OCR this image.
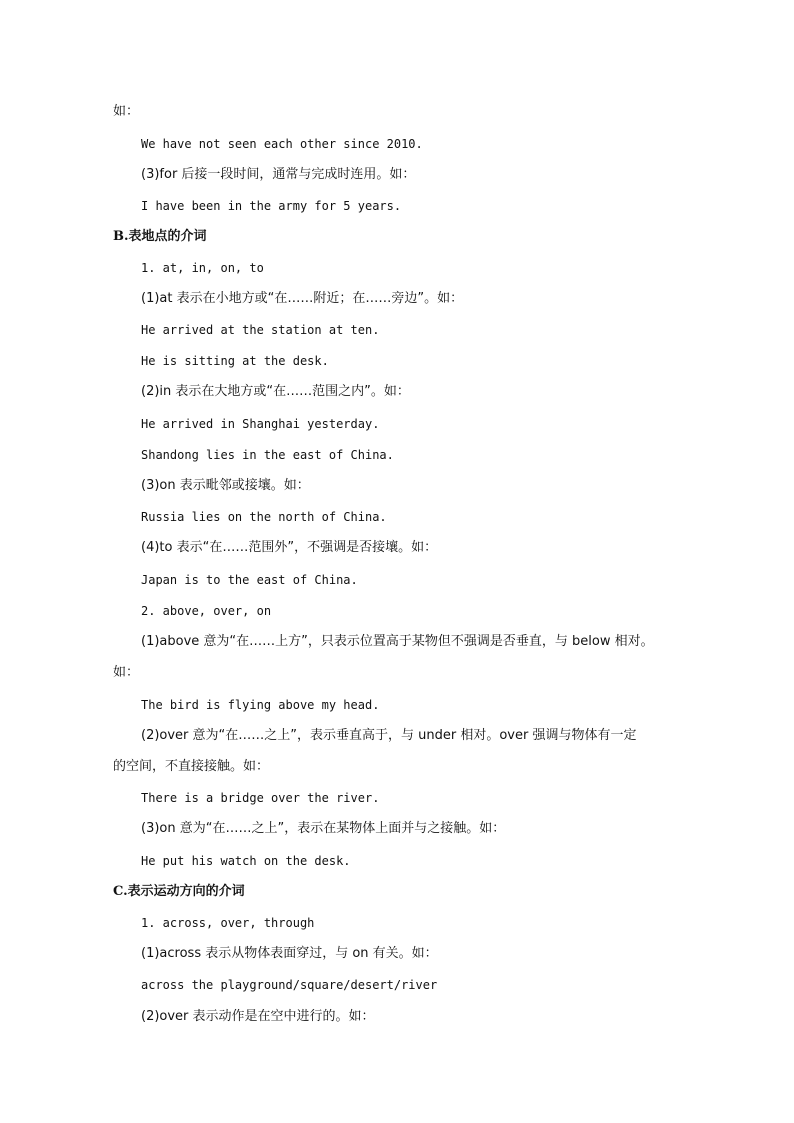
如：
We have not seen each other since 2010.
(3)for 后接一段时间，通常与完成时连用。如：
I have been in the army for 5 years.
B.表地点的介词
1. at, in, on, to
(1)at 表示在小地方或“在……附近；在……旁边”。如：
He arrived at the station at ten.
He is sitting at the desk.
(2)in 表示在大地方或“在……范围之内”。如：
He arrived in Shanghai yesterday.
Shandong lies in the east of China.
(3)on 表示毗邻或接壤。如：
Russia lies on the north of China.
(4)to 表示“在……范围外”，不强调是否接壤。如：
Japan is to the east of China.
2. above, over, on
(1)above 意为“在……上方”，只表示位置高于某物但不强调是否垂直，与 below 相对。
如：
The bird is flying above my head.
(2)over 意为“在……之上”，表示垂直高于，与 under 相对。over 强调与物体有一定
的空间，不直接接触。如：
There is a bridge over the river.
(3)on 意为“在……之上”，表示在某物体上面并与之接触。如：
He put his watch on the desk.
C.表示运动方向的介词
1. across, over, through
(1)across 表示从物体表面穿过，与 on 有关。如：
across the playground/square/desert/river
(2)over 表示动作是在空中进行的。如：
